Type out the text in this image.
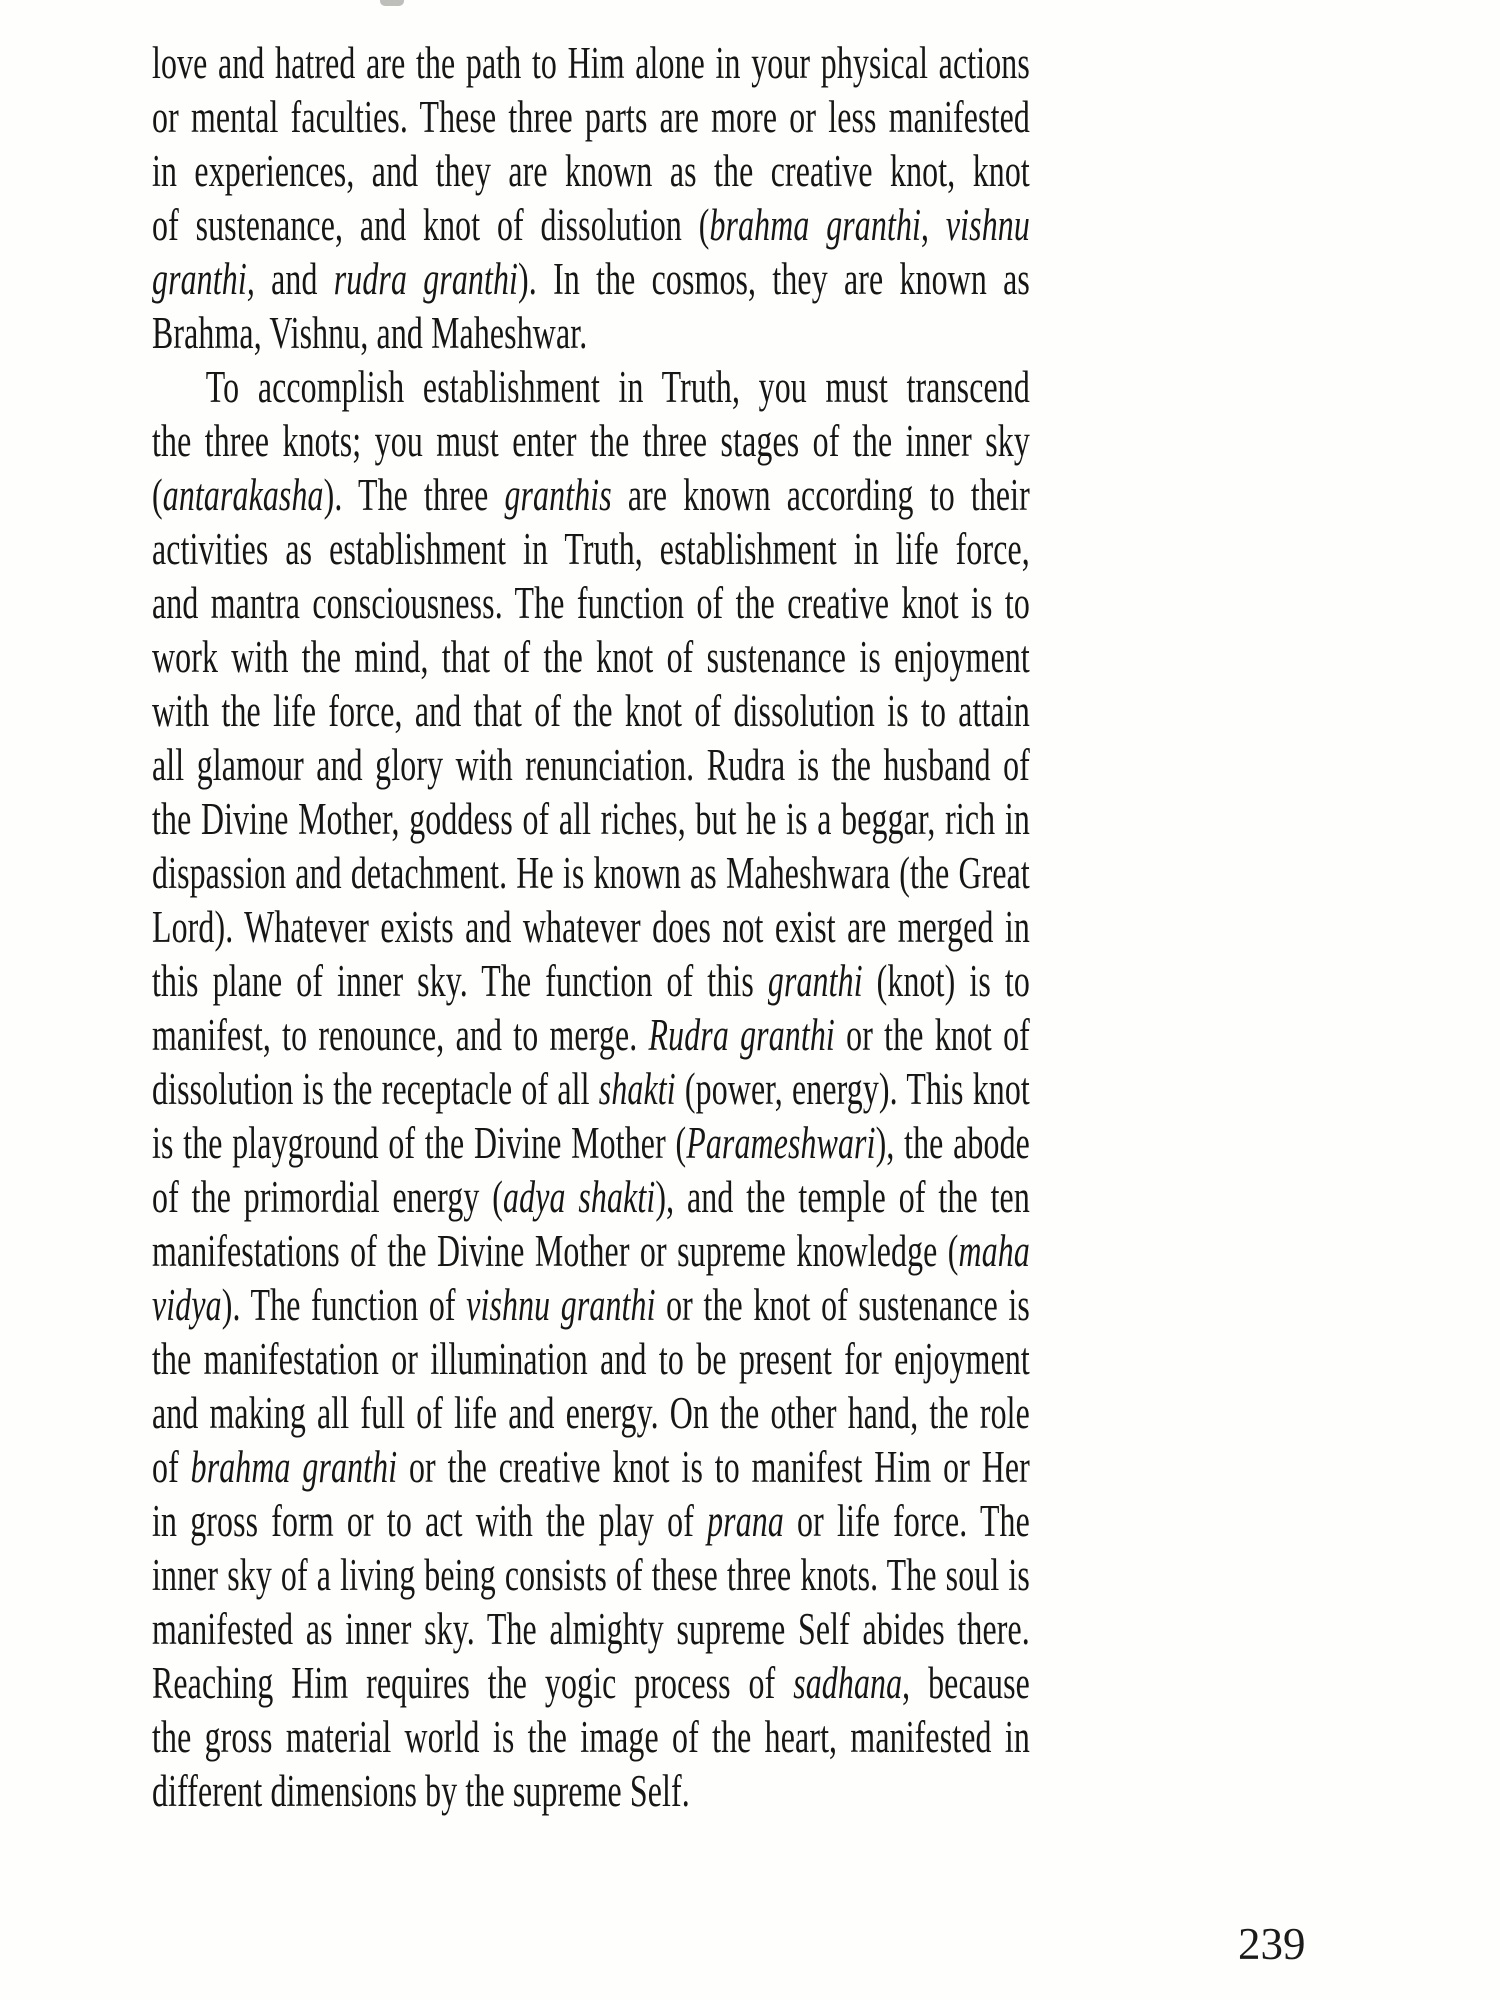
love and hatred are the path to Him alone in your physical actions
or mental faculties. These three parts are more or less manifested
in experiences, and they are known as the creative knot, knot
of sustenance, and knot of dissolution (brahma granthi, vishnu
granthi, and rudra granthi). In the cosmos, they are known as
Brahma, Vishnu, and Maheshwar.
To accomplish establishment in Truth, you must transcend
the three knots; you must enter the three stages of the inner sky
(antarakasha). The three granthis are known according to their
activities as establishment in Truth, establishment in life force,
and mantra consciousness. The function of the creative knot is to
work with the mind, that of the knot of sustenance is enjoyment
with the life force, and that of the knot of dissolution is to attain
all glamour and glory with renunciation. Rudra is the husband of
the Divine Mother, goddess of all riches, but he is a beggar, rich in
dispassion and detachment. He is known as Maheshwara (the Great
Lord). Whatever exists and whatever does not exist are merged in
this plane of inner sky. The function of this granthi (knot) is to
manifest, to renounce, and to merge. Rudra granthi or the knot of
dissolution is the receptacle of all shakti (power, energy). This knot
is the playground of the Divine Mother (Parameshwari), the abode
of the primordial energy (adya shakti), and the temple of the ten
manifestations of the Divine Mother or supreme knowledge (maha
vidya). The function of vishnu granthi or the knot of sustenance is
the manifestation or illumination and to be present for enjoyment
and making all full of life and energy. On the other hand, the role
of brahma granthi or the creative knot is to manifest Him or Her
in gross form or to act with the play of prana or life force. The
inner sky of a living being consists of these three knots. The soul is
manifested as inner sky. The almighty supreme Self abides there.
Reaching Him requires the yogic process of sadhana, because
the gross material world is the image of the heart, manifested in
different dimensions by the supreme Self.
239
